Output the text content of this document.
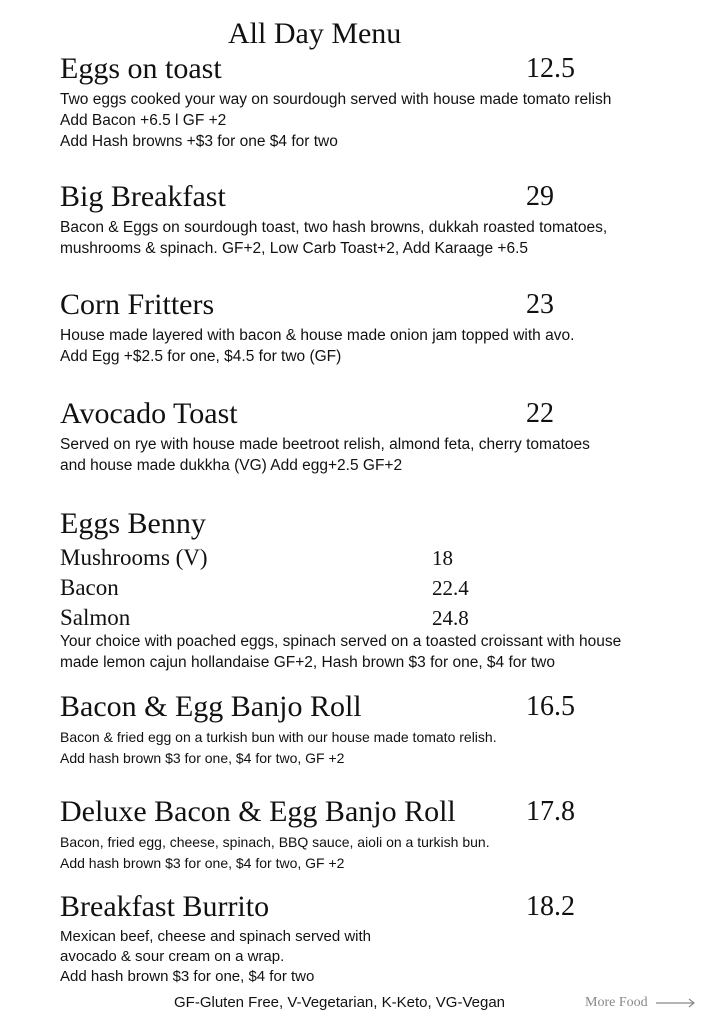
All Day Menu
Eggs on toast	12.5
Two eggs cooked your way on sourdough served with house made tomato relish
Add Bacon +6.5 l GF +2
Add Hash browns +$3 for one $4 for two
Big Breakfast	29
Bacon & Eggs on sourdough toast, two hash browns, dukkah roasted tomatoes,
mushrooms & spinach. GF+2, Low Carb Toast+2, Add Karaage +6.5
Corn Fritters	23
House made layered with bacon & house made onion jam topped with avo.
Add Egg +$2.5 for one, $4.5 for two (GF)
Avocado Toast	22
Served on rye with house made beetroot relish, almond feta, cherry tomatoes
and house made dukkha (VG) Add egg+2.5 GF+2
Eggs Benny
Mushrooms (V)	18
Bacon	22.4
Salmon	24.8
Your choice with poached eggs, spinach served on a toasted croissant with house
made lemon cajun hollandaise GF+2, Hash brown $3 for one, $4 for two
Bacon & Egg Banjo Roll	16.5
Bacon & fried egg on a turkish bun with our house made tomato relish.
Add hash brown $3 for one, $4 for two, GF +2
Deluxe Bacon & Egg Banjo Roll	17.8
Bacon, fried egg, cheese, spinach, BBQ sauce, aioli on a turkish bun.
Add hash brown $3 for one, $4 for two, GF +2
Breakfast Burrito	18.2
Mexican beef, cheese and spinach served with
avocado & sour cream on a wrap.
Add hash brown $3 for one, $4 for two
GF-Gluten Free, V-Vegetarian, K-Keto, VG-Vegan	More Food
